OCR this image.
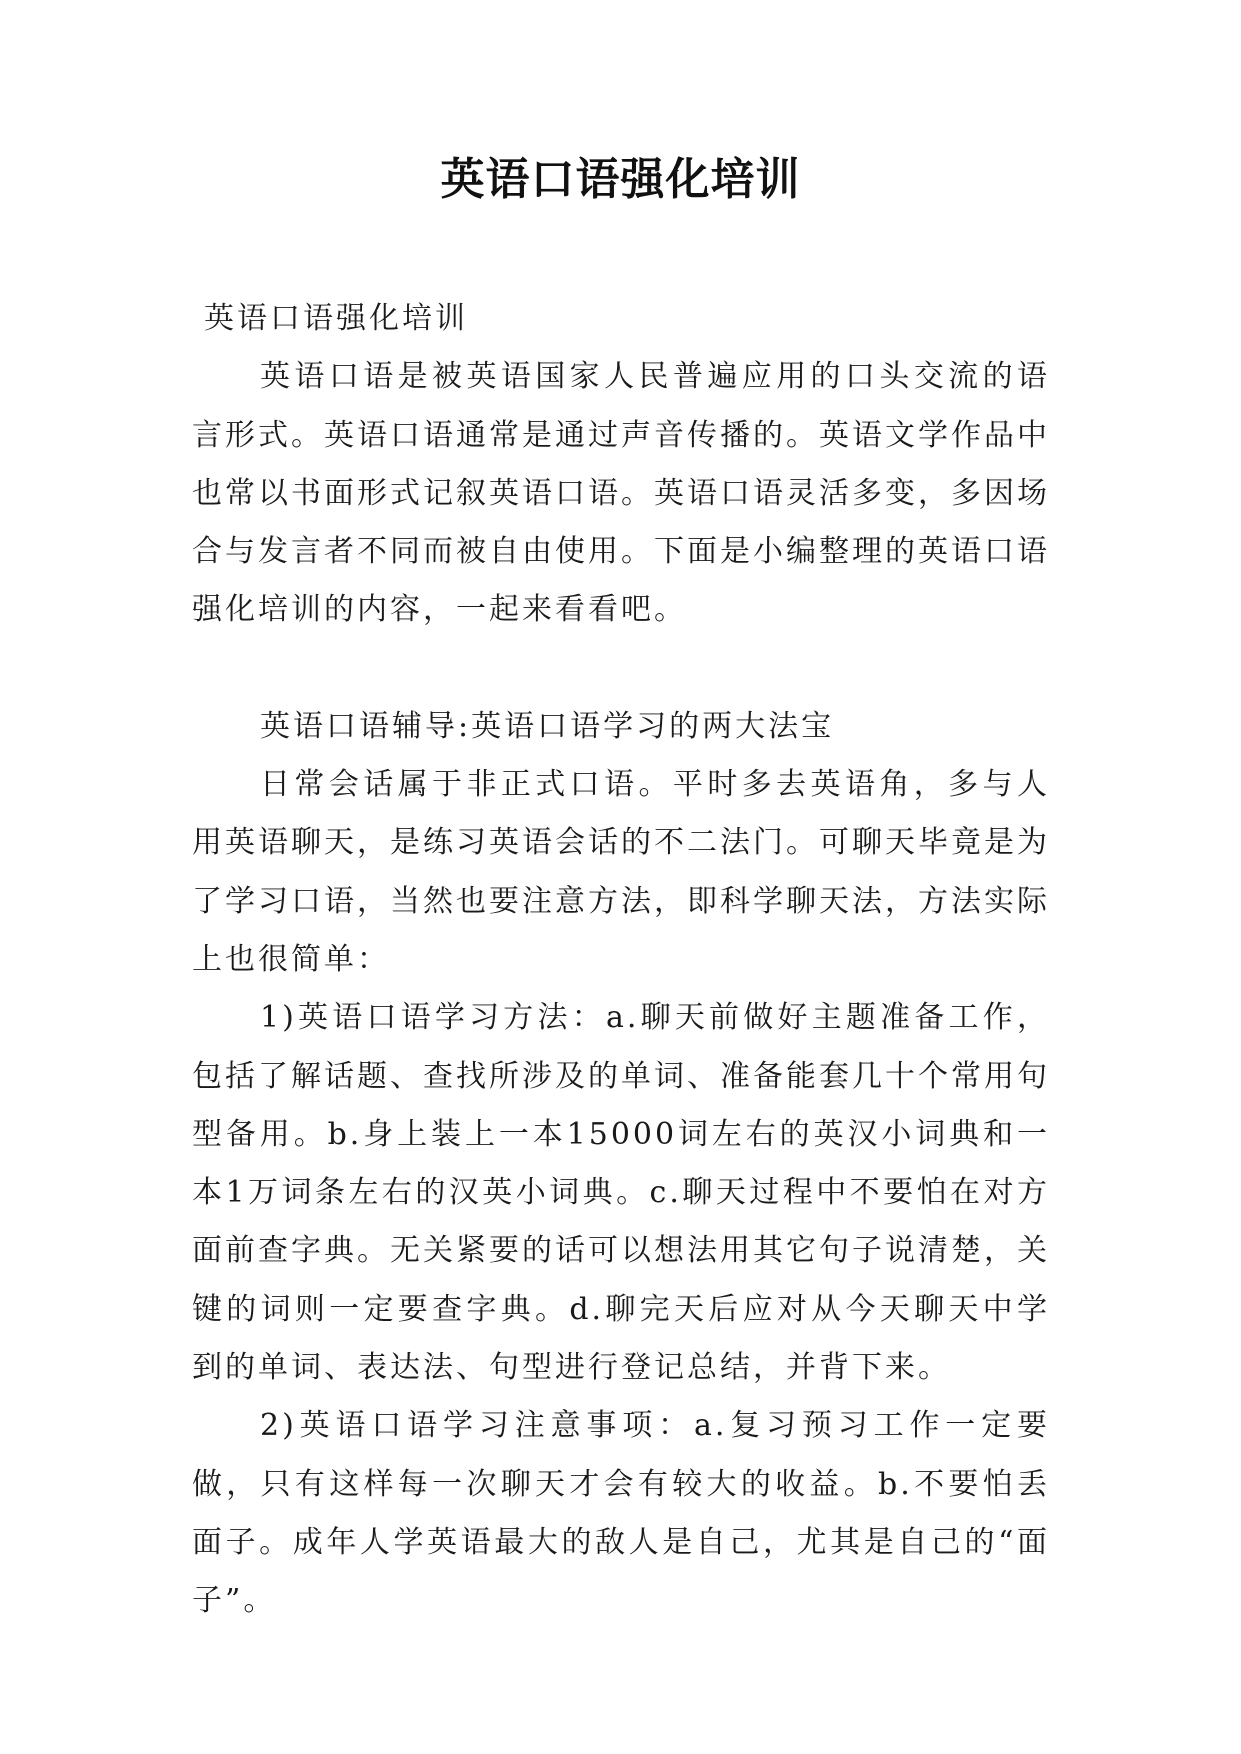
英语口语强化培训

英语口语强化培训

英语口语是被英语国家人民普遍应用的口头交流的语言形式。英语口语通常是通过声音传播的。英语文学作品中也常以书面形式记叙英语口语。英语口语灵活多变，多因场合与发言者不同而被自由使用。下面是小编整理的英语口语强化培训的内容，一起来看看吧。

英语口语辅导:英语口语学习的两大法宝

日常会话属于非正式口语。平时多去英语角，多与人用英语聊天，是练习英语会话的不二法门。可聊天毕竟是为了学习口语，当然也要注意方法，即科学聊天法，方法实际上也很简单：

1)英语口语学习方法：a.聊天前做好主题准备工作，包括了解话题、查找所涉及的单词、准备能套几十个常用句型备用。b.身上装上一本15000词左右的英汉小词典和一本1万词条左右的汉英小词典。c.聊天过程中不要怕在对方面前查字典。无关紧要的话可以想法用其它句子说清楚，关键的词则一定要查字典。d.聊完天后应对从今天聊天中学到的单词、表达法、句型进行登记总结，并背下来。

2)英语口语学习注意事项：a.复习预习工作一定要做，只有这样每一次聊天才会有较大的收益。b.不要怕丢面子。成年人学英语最大的敌人是自己，尤其是自己的“面子”。
